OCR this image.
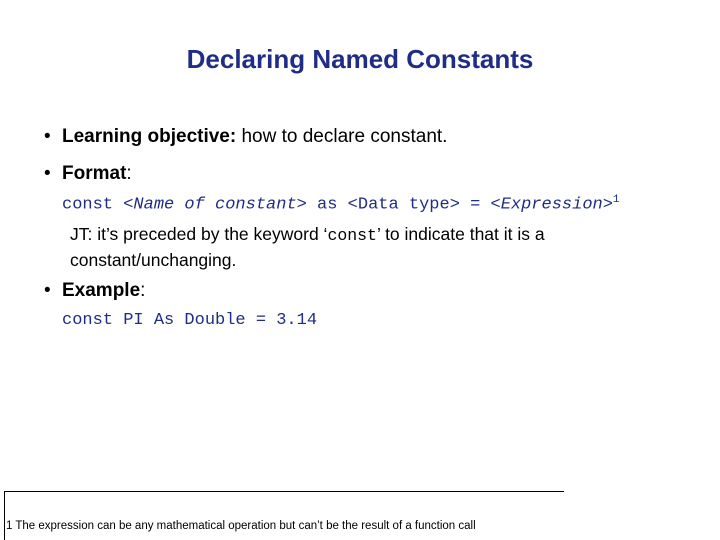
Declaring Named Constants
• Learning objective: how to declare constant.
• Format:
const <Name of constant> as <Data type> = <Expression>$^1$
JT: it’s preceded by the keyword ‘const’ to indicate that it is a constant/unchanging.
• Example:
const PI As Double = 3.14
1 The expression can be any mathematical operation but can’t be the result of a function call
